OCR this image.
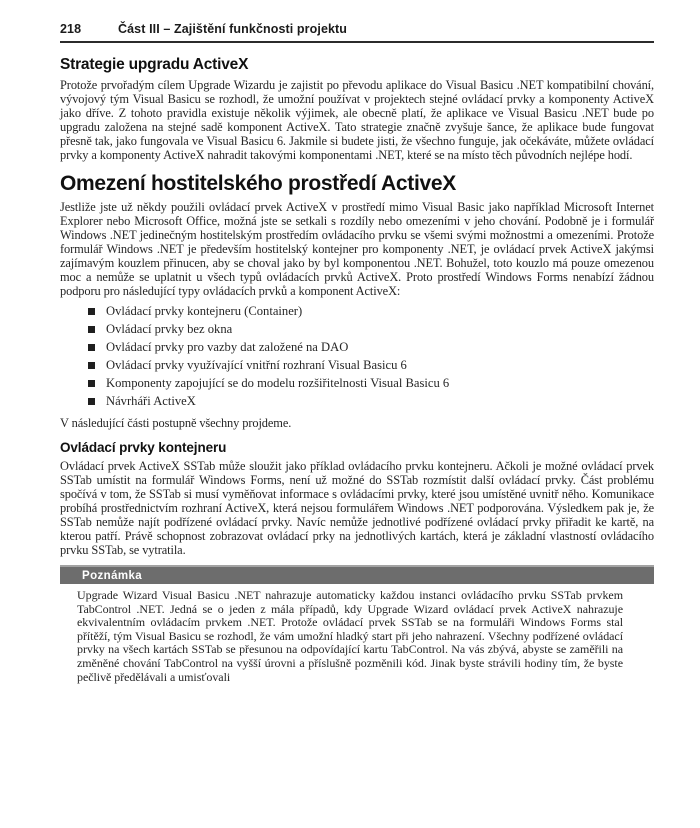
218	Část III – Zajištění funkčnosti projektu
Strategie upgradu ActiveX

Protože prvořadým cílem Upgrade Wizardu je zajistit po převodu aplikace do Visual Basicu .NET kompatibilní chování, vývojový tým Visual Basicu se rozhodl, že umožní používat v projektech stejné ovládací prvky a komponenty ActiveX jako dříve. Z tohoto pravidla existuje několik výjimek, ale obecně platí, že aplikace ve Visual Basicu .NET bude po upgradu založena na stejné sadě komponent ActiveX. Tato strategie značně zvyšuje šance, že aplikace bude fungovat přesně tak, jako fungovala ve Visual Basicu 6. Jakmile si budete jisti, že všechno funguje, jak očekáváte, můžete ovládací prvky a komponenty ActiveX nahradit takovými komponentami .NET, které se na místo těch původních nejlépe hodí.

Omezení hostitelského prostředí ActiveX

Jestliže jste už někdy použili ovládací prvek ActiveX v prostředí mimo Visual Basic jako například Microsoft Internet Explorer nebo Microsoft Office, možná jste se setkali s rozdíly nebo omezeními v jeho chování. Podobně je i formulář Windows .NET jedinečným hostitelským prostředím ovládacího prvku se všemi svými možnostmi a omezeními. Protože formulář Windows .NET je především hostitelský kontejner pro komponenty .NET, je ovládací prvek ActiveX jakýmsi zajímavým kouzlem přinucen, aby se choval jako by byl komponentou .NET. Bohužel, toto kouzlo má pouze omezenou moc a nemůže se uplatnit u všech typů ovládacích prvků ActiveX. Proto prostředí Windows Forms nenabízí žádnou podporu pro následující typy ovládacích prvků a komponent ActiveX:

Ovládací prvky kontejneru (Container)
Ovládací prvky bez okna
Ovládací prvky pro vazby dat založené na DAO
Ovládací prvky využívající vnitřní rozhraní Visual Basicu 6
Komponenty zapojující se do modelu rozšiřitelnosti Visual Basicu 6
Návrháři ActiveX

V následující části postupně všechny projdeme.

Ovládací prvky kontejneru

Ovládací prvek ActiveX SSTab může sloužit jako příklad ovládacího prvku kontejneru. Ačkoli je možné ovládací prvek SSTab umístit na formulář Windows Forms, není už možné do SSTab rozmístit další ovládací prvky. Část problému spočívá v tom, že SSTab si musí vyměňovat informace s ovládacími prvky, které jsou umístěné uvnitř něho. Komunikace probíhá prostřednictvím rozhraní ActiveX, která nejsou formulářem Windows .NET podporována. Výsledkem pak je, že SSTab nemůže najít podřízené ovládací prvky. Navíc nemůže jednotlivé podřízené ovládací prvky přiřadit ke kartě, na kterou patří. Právě schopnost zobrazovat ovládací prky na jednotlivých kartách, která je základní vlastností ovládacího prvku SSTab, se vytratila.

Poznámka

Upgrade Wizard Visual Basicu .NET nahrazuje automaticky každou instanci ovládacího prvku SSTab prvkem TabControl .NET. Jedná se o jeden z mála případů, kdy Upgrade Wizard ovládací prvek ActiveX nahrazuje ekvivalentním ovládacím prvkem .NET. Protože ovládací prvek SSTab se na formuláři Windows Forms stal přítěží, tým Visual Basicu se rozhodl, že vám umožní hladký start při jeho nahrazení. Všechny podřízené ovládací prvky na všech kartách SSTab se přesunou na odpovídající kartu TabControl. Na vás zbývá, abyste se zaměřili na změněné chování TabControl na vyšší úrovni a příslušně pozměnili kód. Jinak byste strávili hodiny tím, že byste pečlivě předělávali a umisťovali
